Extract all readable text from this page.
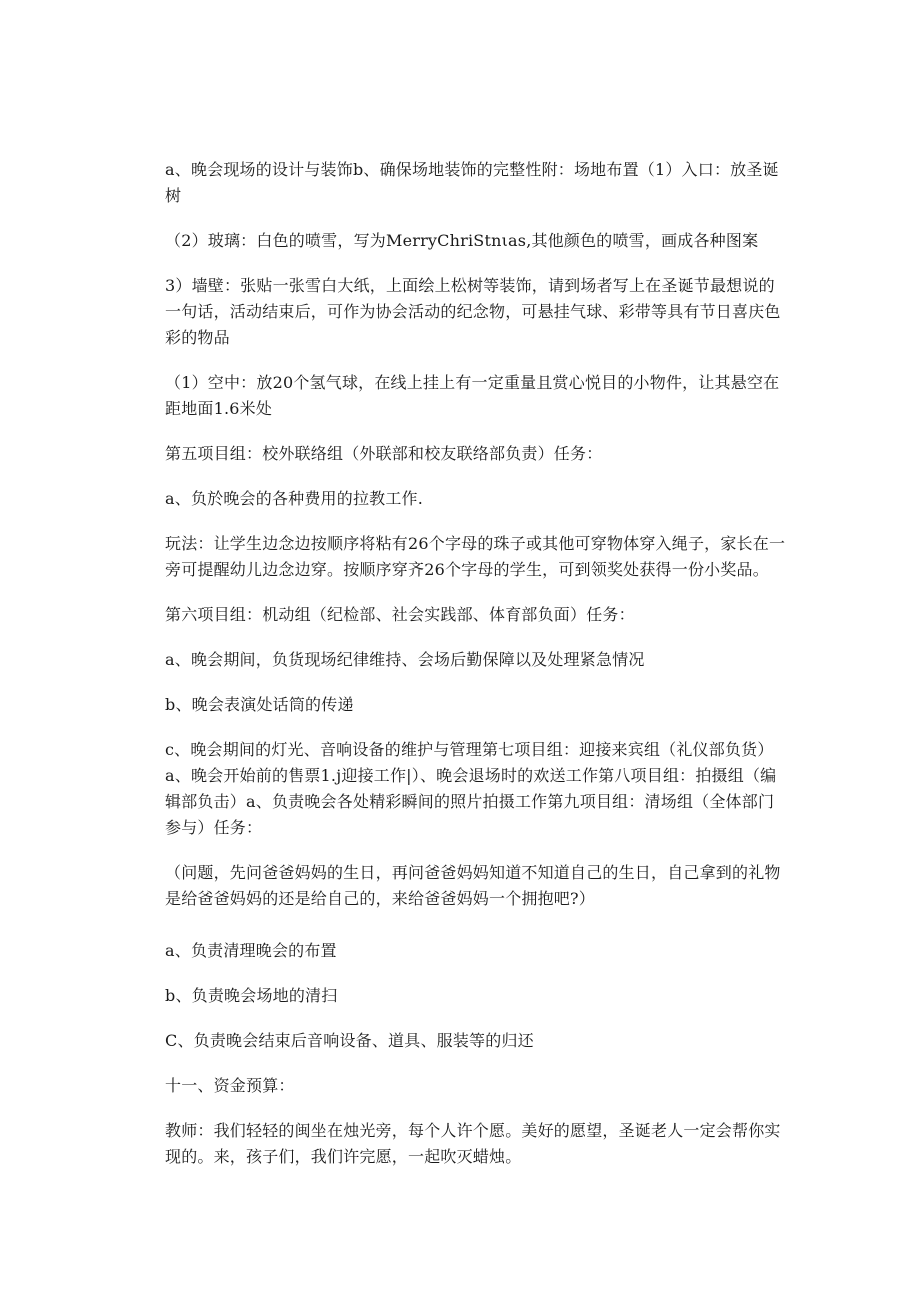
a、晚会现场的设计与装饰b、确保场地装饰的完整性附：场地布置（1）入口：放圣诞树

（2）玻璃：白色的喷雪，写为MerryChriStnιas,其他颜色的喷雪，画成各种图案

3）墙壁：张贴一张雪白大纸，上面绘上松树等装饰，请到场者写上在圣诞节最想说的一句话，活动结束后，可作为协会活动的纪念物，可悬挂气球、彩带等具有节日喜庆色彩的物品

（1）空中：放20个氢气球，在线上挂上有一定重量且赏心悦目的小物件，让其悬空在距地面1.6米处

第五项目组：校外联络组（外联部和校友联络部负责）任务：

a、负於晚会的各种费用的拉教工作.

玩法：让学生边念边按顺序将粘有26个字母的珠子或其他可穿物体穿入绳子，家长在一旁可提醒幼儿边念边穿。按顺序穿齐26个字母的学生，可到领奖处获得一份小奖品。

第六项目组：机动组（纪检部、社会实践部、体育部负面）任务：

a、晚会期间，负货现场纪律维持、会场后勤保障以及处理紧急情况

b、晚会表演处话筒的传递

c、晚会期间的灯光、音响设备的维护与管理第七项目组：迎接来宾组（礼仪部负货）a、晚会开始前的售票1.j迎接工作|）、晚会退场时的欢送工作第八项目组：拍摄组（编辑部负击）a、负责晚会各处精彩瞬间的照片拍摄工作第九项目组：清场组（全体部门参与）任务：

（问题，先问爸爸妈妈的生日，再问爸爸妈妈知道不知道自己的生日，自己拿到的礼物是给爸爸妈妈的还是给自己的，来给爸爸妈妈一个拥抱吧?）

a、负责清理晚会的布置

b、负责晚会场地的清扫

C、负责晚会结束后音响设备、道具、服装等的归还

十一、资金预算：

教师：我们轻轻的闽坐在烛光旁，每个人许个愿。美好的愿望，圣诞老人一定会帮你实现的。来，孩子们，我们许完愿，一起吹灭蜡烛。
